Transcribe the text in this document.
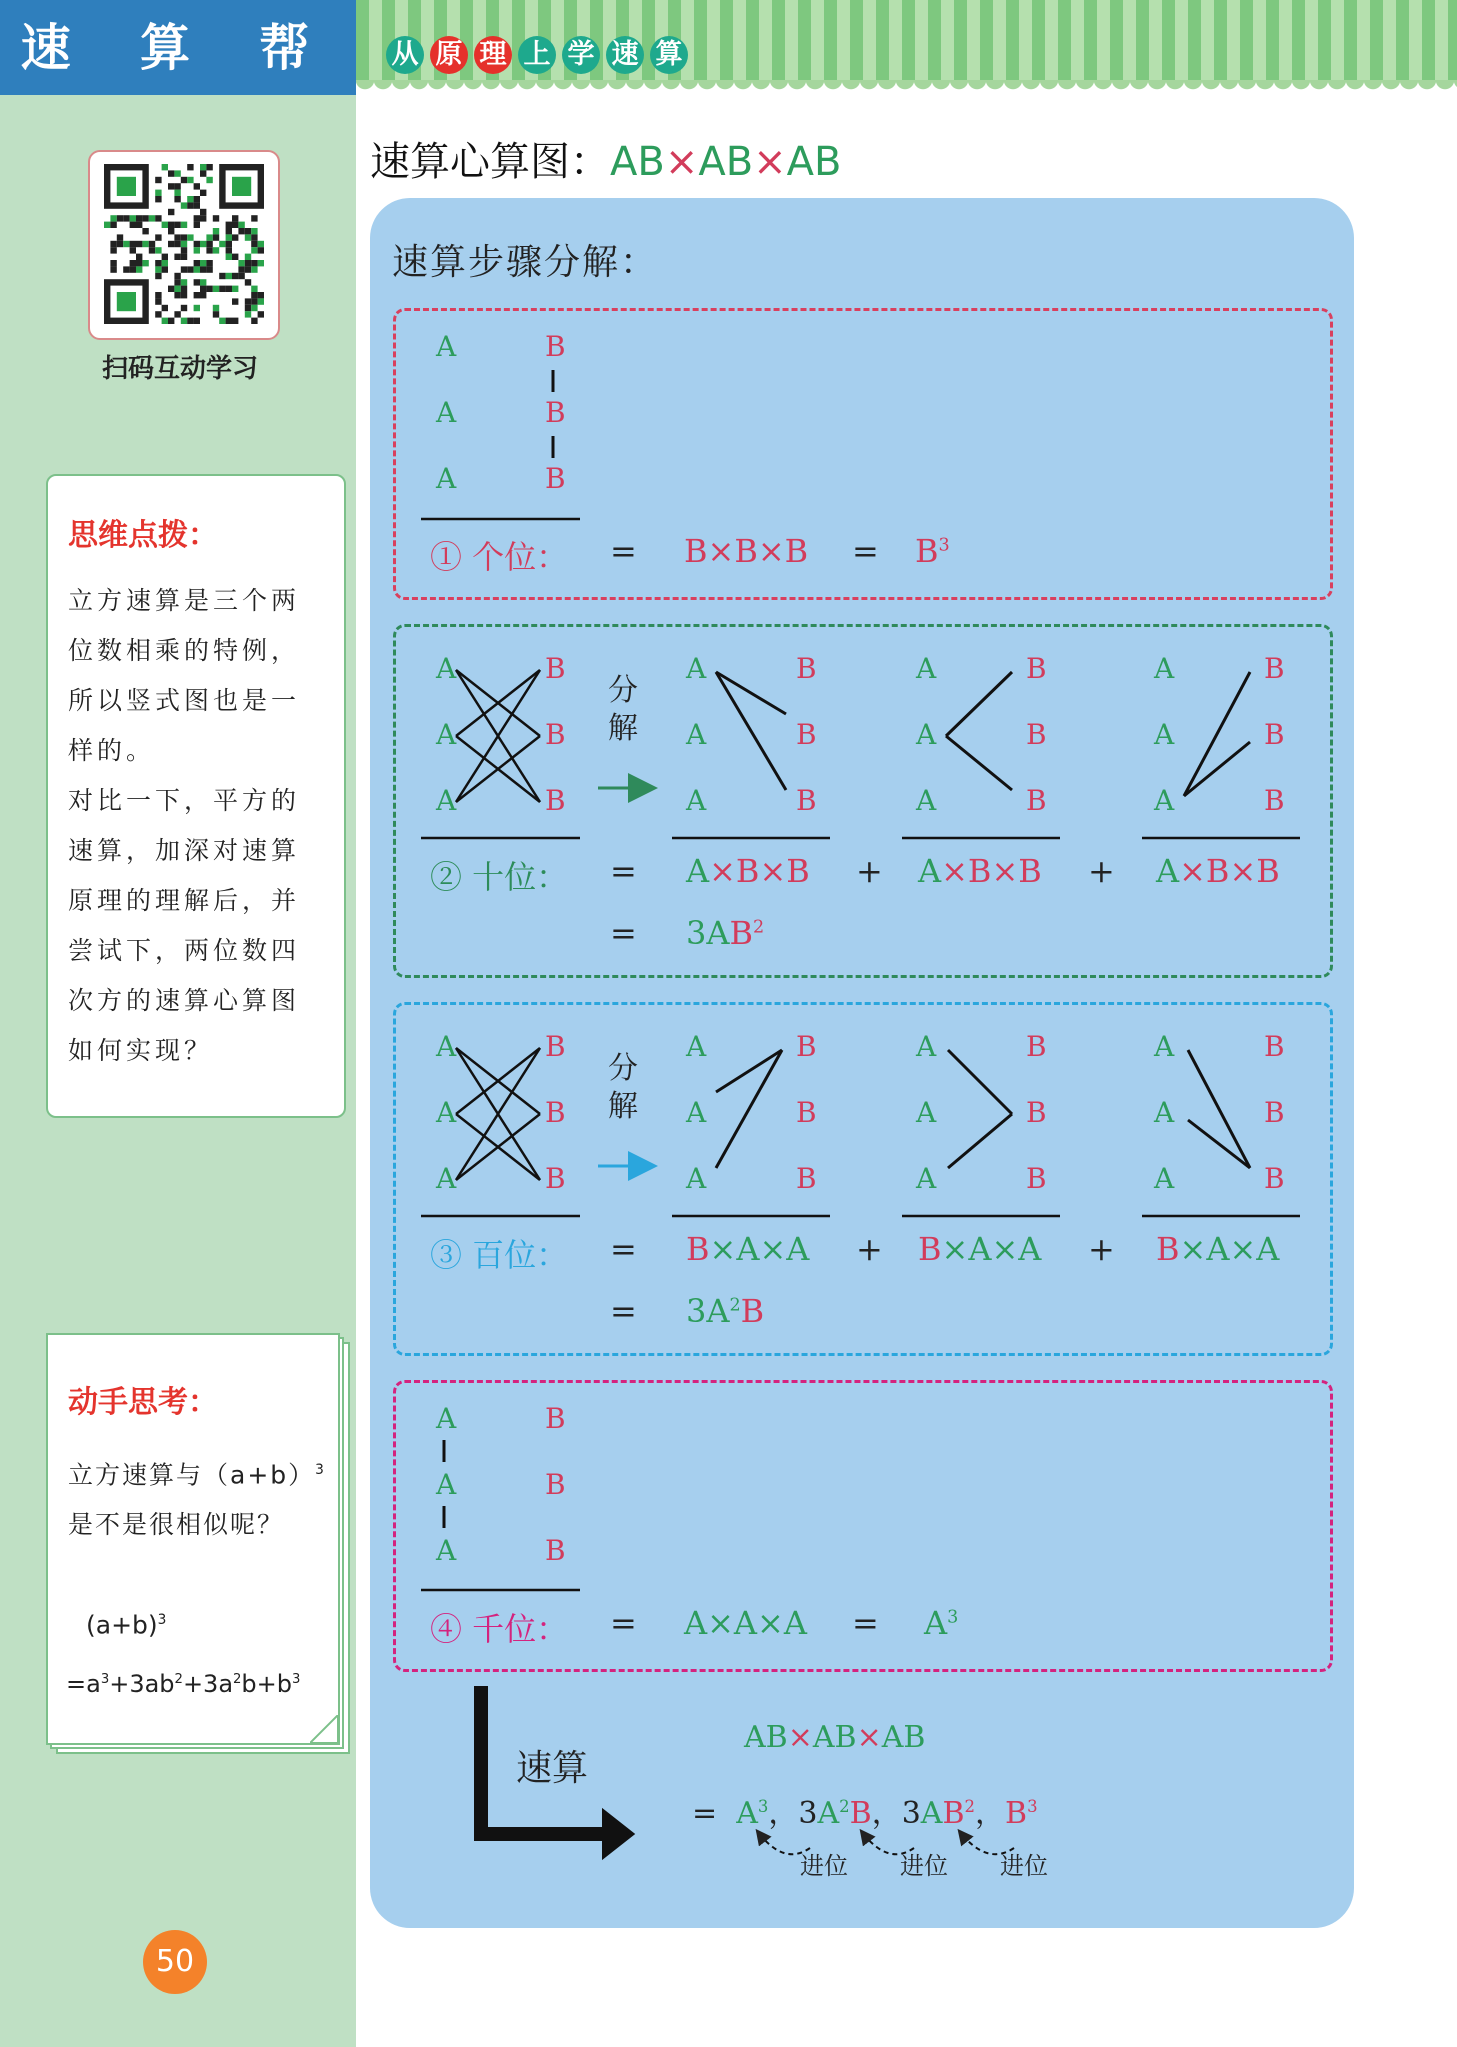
速 算 帮	从 原 理 上 学 速 算
扫码互动学习
思维点拨：
立方速算是三个两
位数相乘的特例，
所以竖式图也是一
样的。
对比一下，平方的
速算，加深对速算
原理的理解后，并
尝试下，两位数四
次方的速算心算图
如何实现？
动手思考：
立方速算与$(a+b)^3$
是不是很相似呢？
$(a+b)^3$
$=a^3+3ab^2+3a^2b+b^3$
50
速算心算图：AB×AB×AB
速算步骤分解：
A	B
A	B
A	B
① 个位： = $B\times B\times B = B^3$
A	B
A	B
A	B
分解
A	B
A	B
A	B
A	B
A	B
A	B
A	B
A	B
A	B
② 十位： = A×B×B	A×B×B	A×B×B
+	+
= $3AB^2$
A	B
A	B
A	B
分解
A	B
A	B
A	B
A	B
A	B
A	B
A	B
A	B
A	B
③ 百位： = B×A×A	B×A×A	B×A×A
+	+
= $3A^2B$
A	B
A	B
A	B
④ 千位： = $A\times A\times A = A^3$
速算
AB×AB×AB
= $A^3$，$3A^2B$，$3AB^2$，$B^3$
进位 进位 进位
